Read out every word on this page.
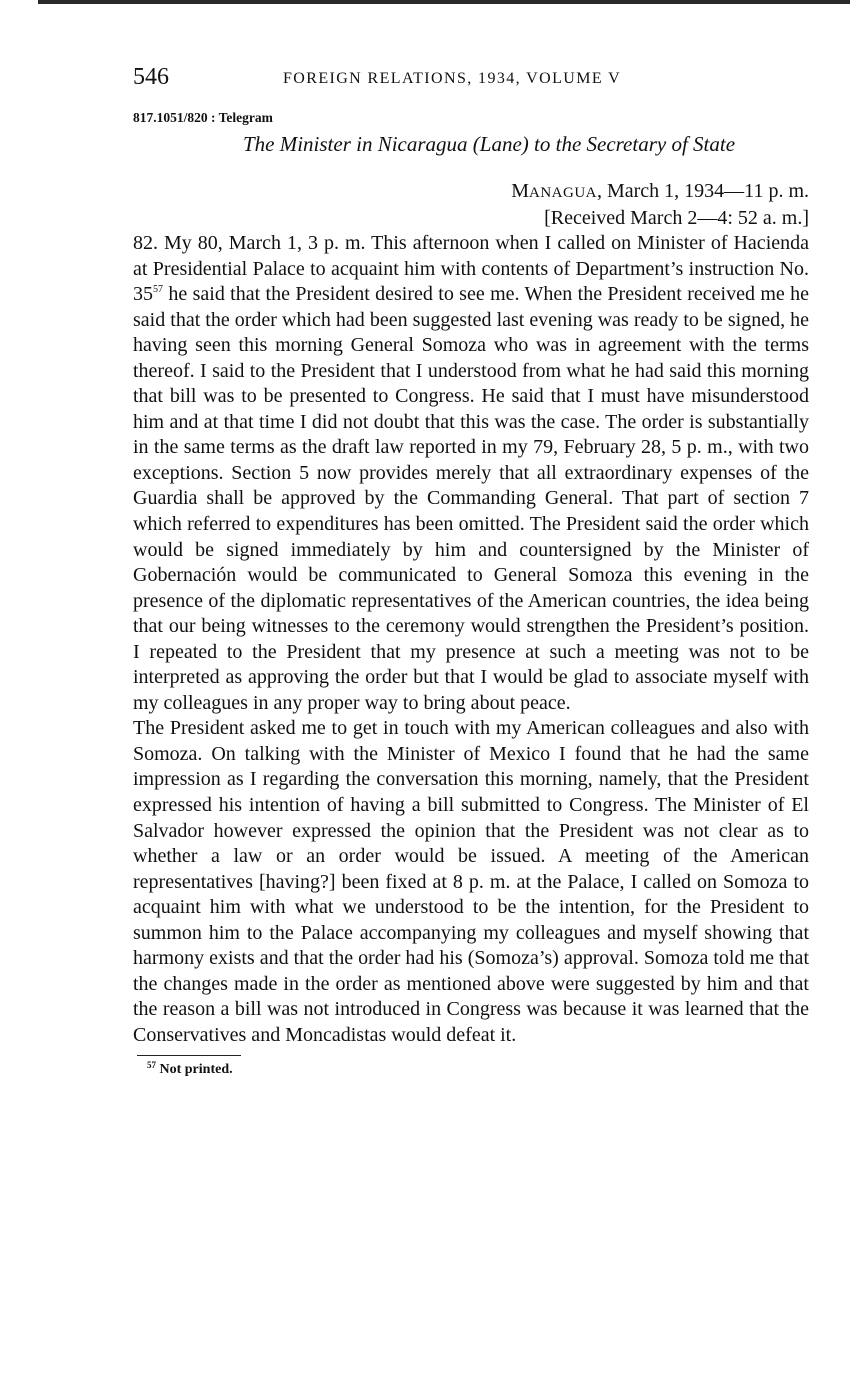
546	FOREIGN RELATIONS, 1934, VOLUME V
817.1051/820 : Telegram
The Minister in Nicaragua (Lane) to the Secretary of State
MANAGUA, March 1, 1934—11 p. m.
[Received March 2—4: 52 a. m.]

82. My 80, March 1, 3 p. m. This afternoon when I called on Minister of Hacienda at Presidential Palace to acquaint him with contents of Department’s instruction No. $35^{57}$ he said that the President desired to see me. When the President received me he said that the order which had been suggested last evening was ready to be signed, he having seen this morning General Somoza who was in agreement with the terms thereof. I said to the President that I understood from what he had said this morning that bill was to be presented to Congress. He said that I must have misunderstood him and at that time I did not doubt that this was the case. The order is substantially in the same terms as the draft law reported in my 79, February 28, 5 p. m., with two exceptions. Section 5 now provides merely that all extraordinary expenses of the Guardia shall be approved by the Commanding General. That part of section 7 which referred to expenditures has been omitted. The President said the order which would be signed immediately by him and countersigned by the Minister of Gobernación would be communicated to General Somoza this evening in the presence of the diplomatic representatives of the American countries, the idea being that our being witnesses to the ceremony would strengthen the President’s position. I repeated to the President that my presence at such a meeting was not to be interpreted as approving the order but that I would be glad to associate myself with my colleagues in any proper way to bring about peace.

The President asked me to get in touch with my American colleagues and also with Somoza. On talking with the Minister of Mexico I found that he had the same impression as I regarding the conversation this morning, namely, that the President expressed his intention of having a bill submitted to Congress. The Minister of El Salvador however expressed the opinion that the President was not clear as to whether a law or an order would be issued. A meeting of the American representatives [having?] been fixed at 8 p. m. at the Palace, I called on Somoza to acquaint him with what we understood to be the intention, for the President to summon him to the Palace accompanying my colleagues and myself showing that harmony exists and that the order had his (Somoza’s) approval. Somoza told me that the changes made in the order as mentioned above were suggested by him and that the reason a bill was not introduced in Congress was because it was learned that the Conservatives and Moncadistas would defeat it.

$^{57}$ Not printed.
